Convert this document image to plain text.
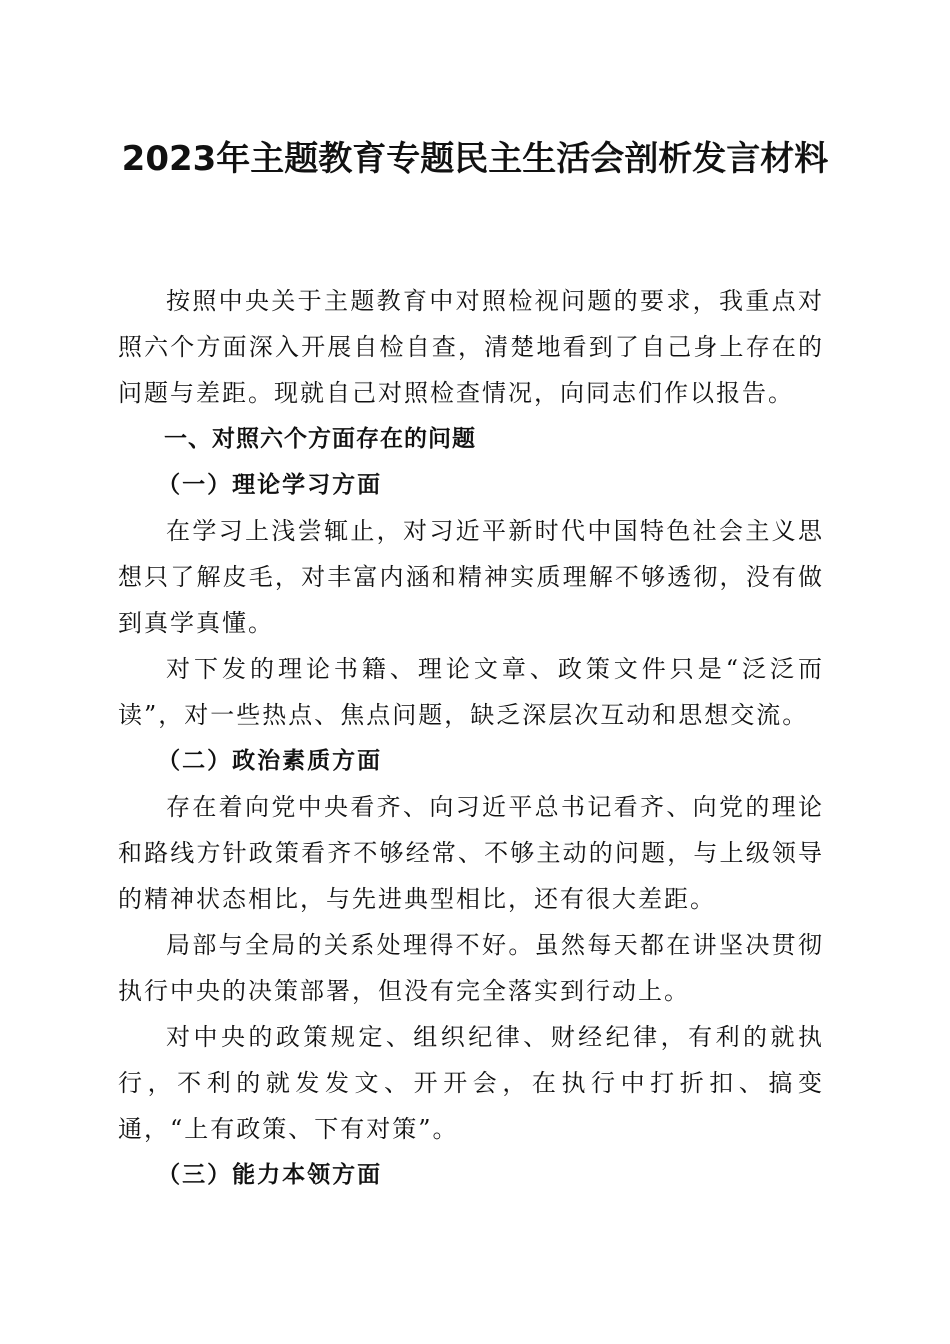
2023年主题教育专题民主生活会剖析发言材料

按照中央关于主题教育中对照检视问题的要求，我重点对照六个方面深入开展自检自查，清楚地看到了自己身上存在的问题与差距。现就自己对照检查情况，向同志们作以报告。

一、对照六个方面存在的问题

（一）理论学习方面

在学习上浅尝辄止，对习近平新时代中国特色社会主义思想只了解皮毛，对丰富内涵和精神实质理解不够透彻，没有做到真学真懂。

对下发的理论书籍、理论文章、政策文件只是“泛泛而读”，对一些热点、焦点问题，缺乏深层次互动和思想交流。

（二）政治素质方面

存在着向党中央看齐、向习近平总书记看齐、向党的理论和路线方针政策看齐不够经常、不够主动的问题，与上级领导的精神状态相比，与先进典型相比，还有很大差距。

局部与全局的关系处理得不好。虽然每天都在讲坚决贯彻执行中央的决策部署，但没有完全落实到行动上。

对中央的政策规定、组织纪律、财经纪律，有利的就执行，不利的就发发文、开开会，在执行中打折扣、搞变通，“上有政策、下有对策”。

（三）能力本领方面
